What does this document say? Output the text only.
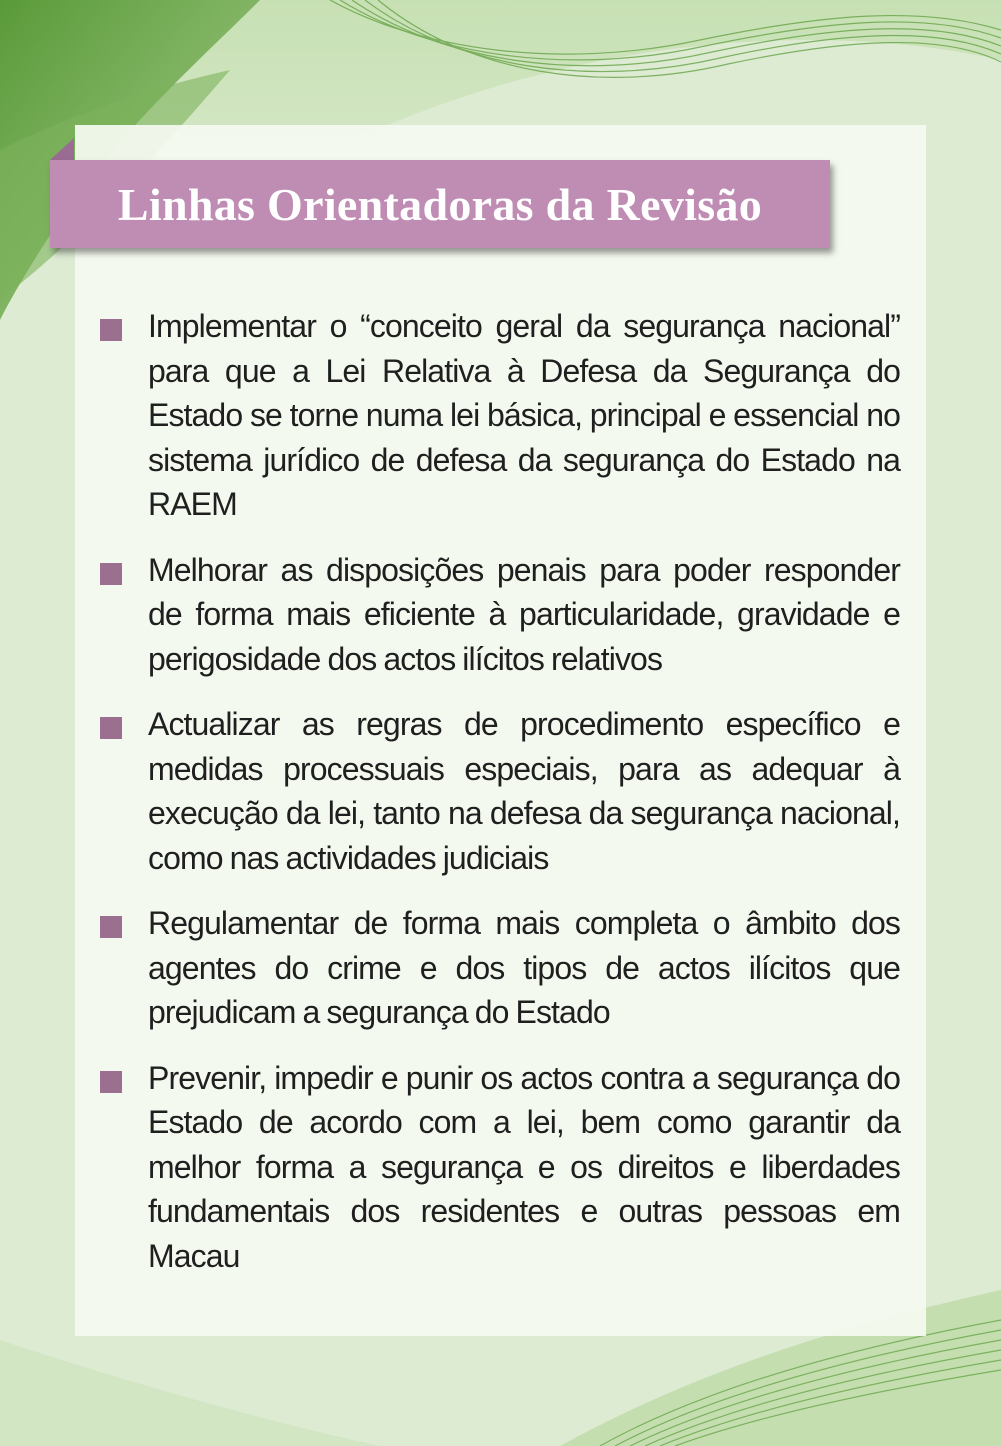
Linhas Orientadoras da Revisão
Implementar o “conceito geral da segurança nacional” para que a Lei Relativa à Defesa da Segurança do Estado se torne numa lei básica, principal e essencial no sistema jurídico de defesa da segurança do Estado na RAEM
Melhorar as disposições penais para poder responder de forma mais eficiente à particularidade, gravidade e perigosidade dos actos ilícitos relativos
Actualizar as regras de procedimento específico e medidas processuais especiais, para as adequar à execução da lei, tanto na defesa da segurança nacional, como nas actividades judiciais
Regulamentar de forma mais completa o âmbito dos agentes do crime e dos tipos de actos ilícitos que prejudicam a segurança do Estado
Prevenir, impedir e punir os actos contra a segurança do Estado de acordo com a lei, bem como garantir da melhor forma a segurança e os direitos e liberdades fundamentais dos residentes e outras pessoas em Macau
